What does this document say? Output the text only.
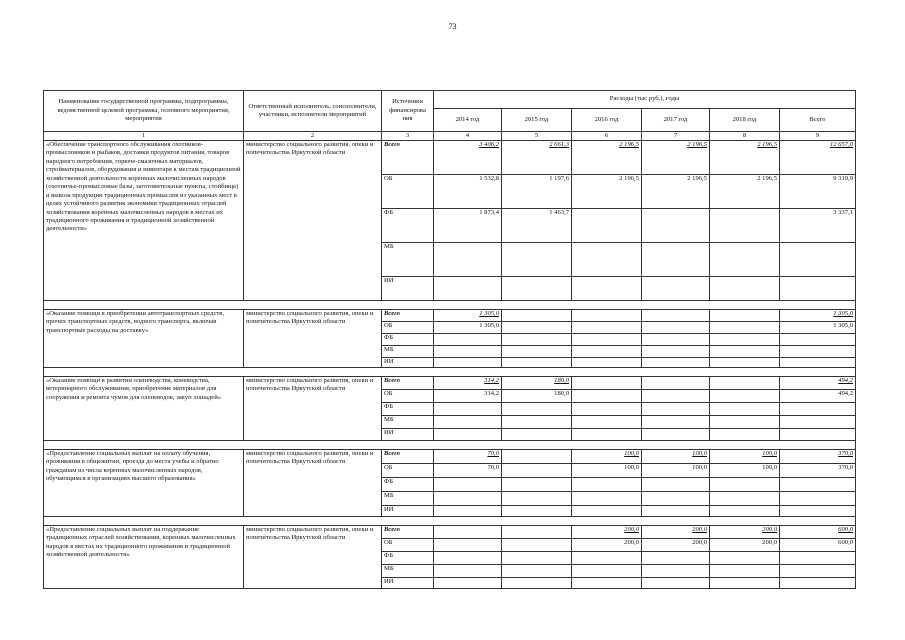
73
Наименование государственной программы, подпрограммы, ведомственной целевой программы, основного мероприятия, мероприятия	Ответственный исполнитель, соисполнители, участники, исполнители мероприятий	Источники финансирова ния	Расходы (тыс.руб.), годы					
			2014 год	2015 год	2016 год	2017 год	2018 год	Всего
1	2	3	4	5	6	7	8	9
«Обеспечение транспортного обслуживания охотников-промысловиков и рыбаков, доставки продуктов питания, товаров народного потребления, горюче-смазочных материалов, стройматериалов, оборудования и инвентаря к местам традиционной хозяйственной деятельности коренных малочисленных народов (охотничье-промысловые базы, заготовительные пункты, стойбища) и вывоза продукции традиционных промыслов из указанных мест в целях устойчивого развития экономики традиционных отраслей хозяйствования коренных малочисленных народов в местах их традиционного проживания и традиционной хозяйственной деятельности»	министерство социального развития, опеки и попечительства Иркутской области	Всего	3 406,2	2 661,3	2 196,5	2 196,5	2 196,5	12 657,0
		ОБ	1 532,8	1 197,6	2 196,5	2 196,5	2 196,5	9 319,9
		ФБ	1 873,4	1 463,7				3 337,1
		МБ						
		ИИ						

«Оказание помощи в приобретении автотранспортных средств, прочих транспортных средств, водного транспорта, включая транспортные расходы на доставку»	министерство социального развития, опеки и попечительства Иркутской области	Всего	1 305,0					1 305,0
		ОБ	1 305,0					1 305,0
		ФБ						
		МБ						
		ИИ						

«Оказание помощи в развитии оленеводства, коневодства, ветеринарного обслуживания, приобретение материалов для сооружения и ремонта чумов для оленеводов, закуп лошадей»	министерство социального развития, опеки и попечительства Иркутской области	Всего	314,2	180,0				494,2
		ОБ	314,2	180,0				494,2
		ФБ						
		МБ						
		ИИ						

«Предоставление социальных выплат на оплату обучения, проживания в общежитии, проезда до места учебы и обратно гражданам из числа коренных малочисленных народов, обучающимся в организациях высшего образования»	министерство социального развития, опеки и попечительства Иркутской области	Всего	70,0		100,0	100,0	100,0	370,0
		ОБ	70,0		100,0	100,0	100,0	370,0
		ФБ						
		МБ						
		ИИ						

«Предоставление социальных выплат на поддержание традиционных отраслей хозяйствования, коренных малочисленных народов в местах их традиционного проживания и традиционной хозяйственной деятельности»	министерство социального развития, опеки и попечительства Иркутской области	Всего			200,0	200,0	200,0	600,0
		ОБ			200,0	200,0	200,0	600,0
		ФБ						
		МБ						
		ИИ						
